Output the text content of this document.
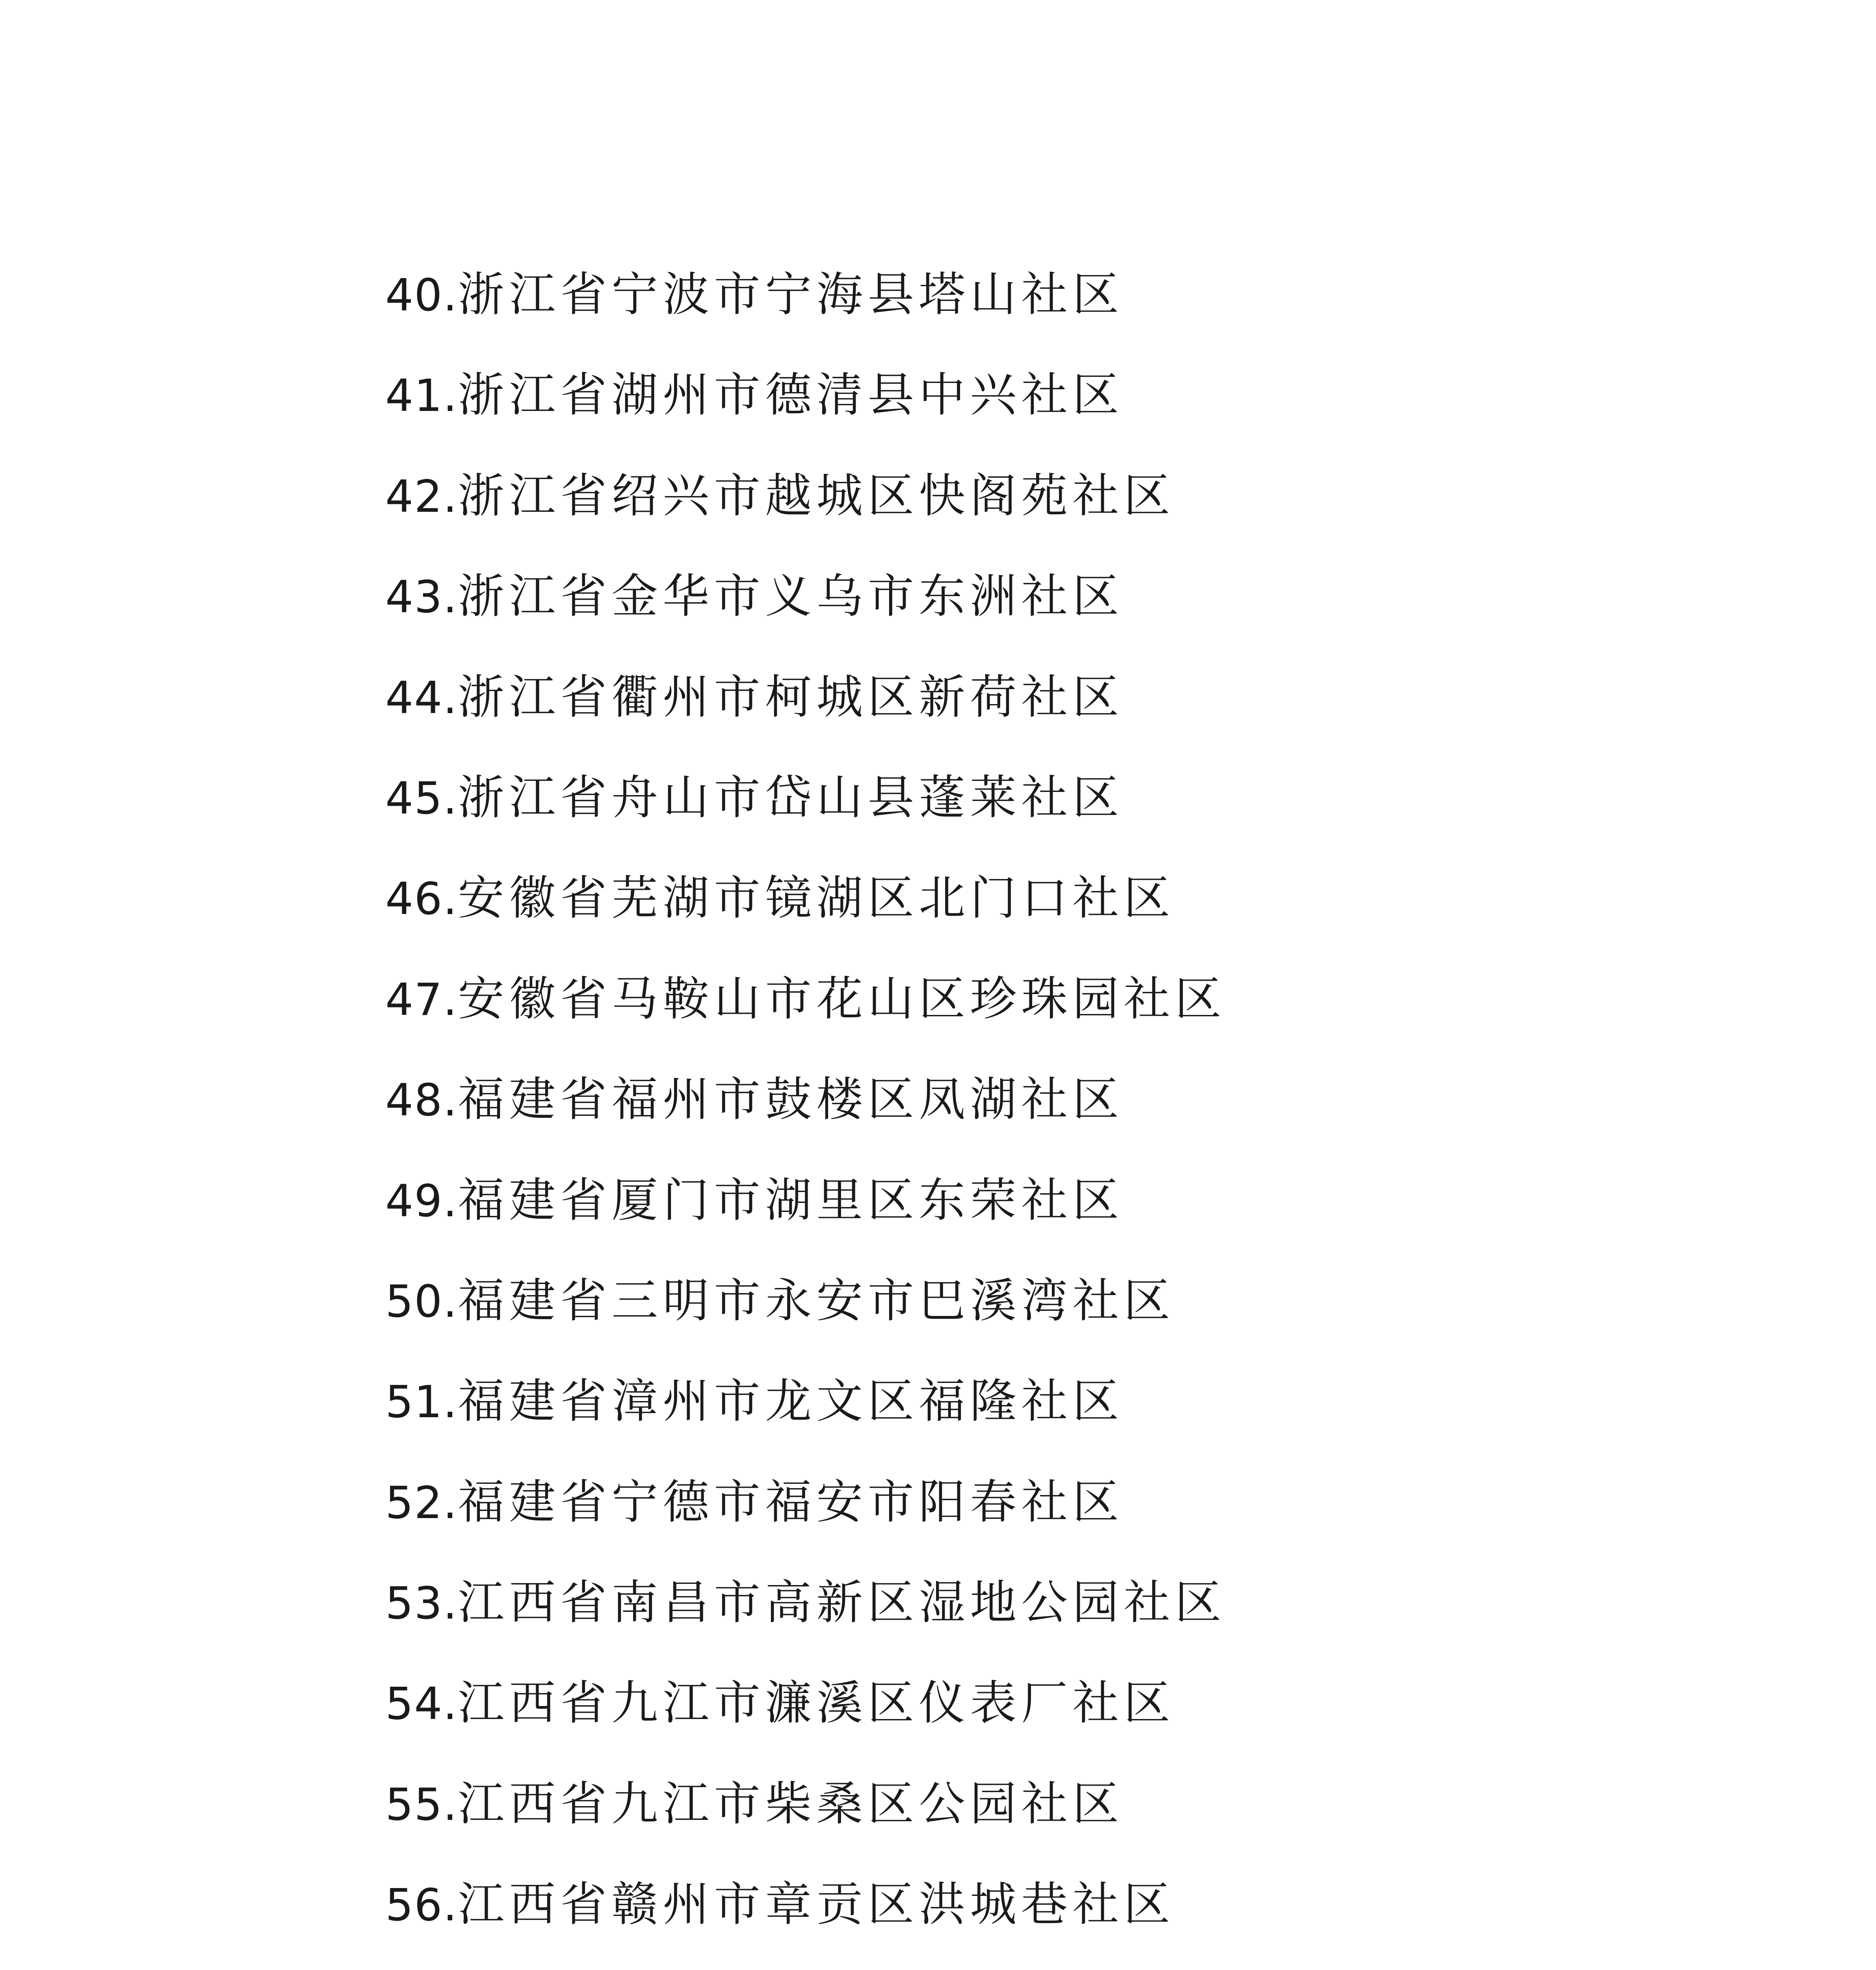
40.浙江省宁波市宁海县塔山社区
41.浙江省湖州市德清县中兴社区
42.浙江省绍兴市越城区快阁苑社区
43.浙江省金华市义乌市东洲社区
44.浙江省衢州市柯城区新荷社区
45.浙江省舟山市岱山县蓬莱社区
46.安徽省芜湖市镜湖区北门口社区
47.安徽省马鞍山市花山区珍珠园社区
48.福建省福州市鼓楼区凤湖社区
49.福建省厦门市湖里区东荣社区
50.福建省三明市永安市巴溪湾社区
51.福建省漳州市龙文区福隆社区
52.福建省宁德市福安市阳春社区
53.江西省南昌市高新区湿地公园社区
54.江西省九江市濂溪区仪表厂社区
55.江西省九江市柴桑区公园社区
56.江西省赣州市章贡区洪城巷社区
